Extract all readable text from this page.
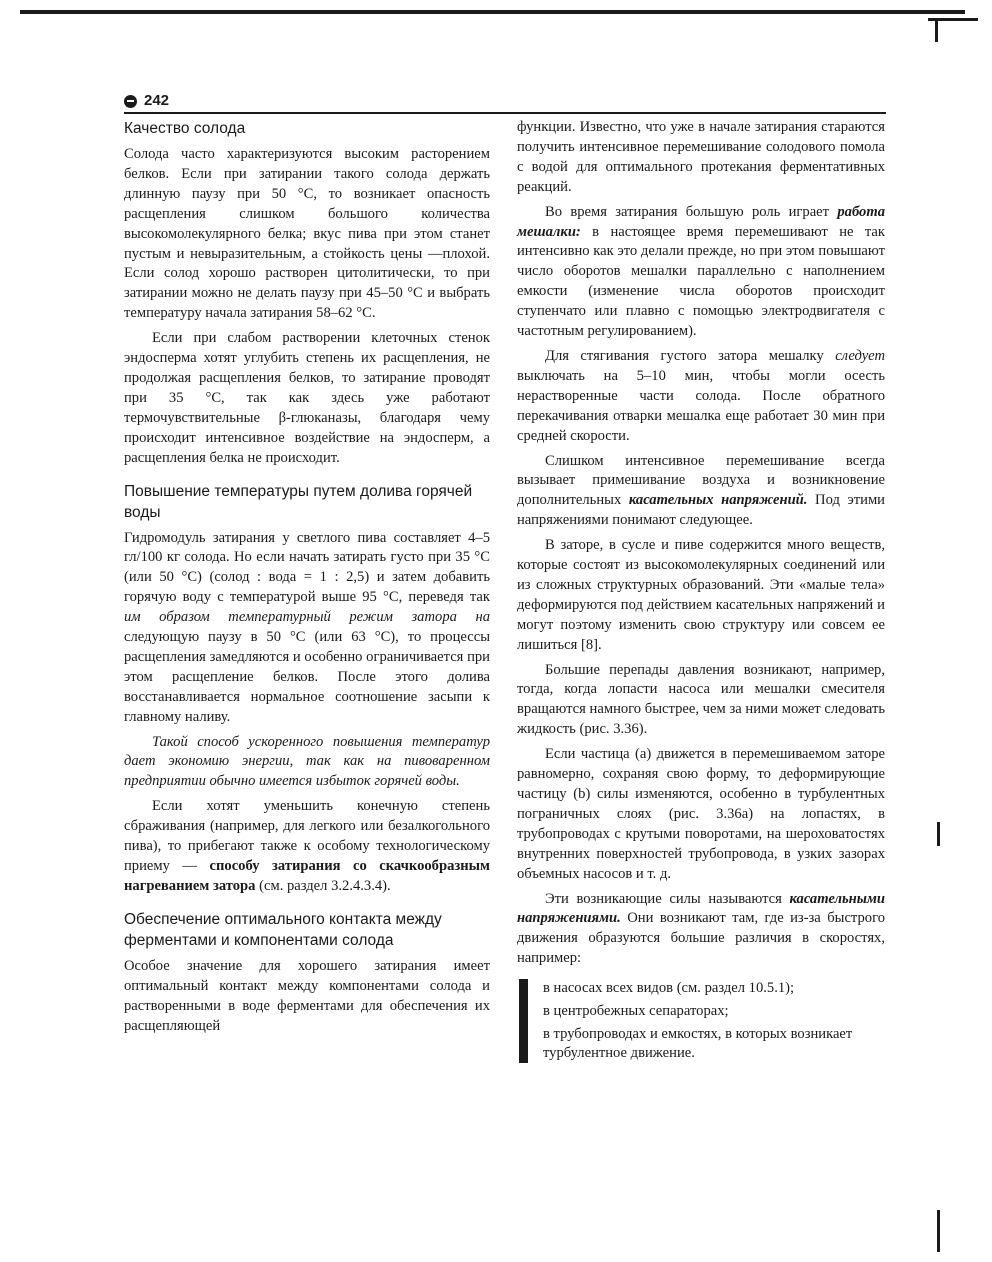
242
Качество солода

Солода часто характеризуются высоким расторением белков. Если при затирании такого солода держать длинную паузу при 50 °С, то возникает опасность расщепления слишком большого количества высокомолекулярного белка; вкус пива при этом станет пустым и невыразительным, а стойкость цены —плохой. Если солод хорошо растворен цитолитически, то при затирании можно не делать паузу при 45–50 °С и выбрать температуру начала затирания 58–62 °С.

Если при слабом растворении клеточных стенок эндосперма хотят углубить степень их расщепления, не продолжая расщепления белков, то затирание проводят при 35 °С, так как здесь уже работают термочувствительные β-глюканазы, благодаря чему происходит интенсивное воздействие на эндосперм, а расщепления белка не происходит.

Повышение температуры путем долива горячей воды

Гидромодуль затирания у светлого пива составляет 4–5 гл/100 кг солода. Но если начать затирать густо при 35 °С (или 50 °С) (солод : вода = 1 : 2,5) и затем добавить горячую воду с температурой выше 95 °С, переведя так им образом температурный режим затора на следующую паузу в 50 °С (или 63 °С), то процессы расщепления замедляются и особенно ограничивается при этом расщепление белков. После этого долива восстанавливается нормальное соотношение засыпи к главному наливу.

Такой способ ускоренного повышения температур дает экономию энергии, так как на пивоваренном предприятии обычно имеется избыток горячей воды.

Если хотят уменьшить конечную степень сбраживания (например, для легкого или безалкогольного пива), то прибегают также к особому технологическому приему — способу затирания со скачкообразным нагреванием затора (см. раздел 3.2.4.3.4).

Обеспечение оптимального контакта между ферментами и компонентами солода

Особое значение для хорошего затирания имеет оптимальный контакт между компонентами солода и растворенными в воде ферментами для обеспечения их расщепляющей

функции. Известно, что уже в начале затирания стараются получить интенсивное перемешивание солодового помола с водой для оптимального протекания ферментативных реакций.

Во время затирания большую роль играет работа мешалки: в настоящее время перемешивают не так интенсивно как это делали прежде, но при этом повышают число оборотов мешалки параллельно с наполнением емкости (изменение числа оборотов происходит ступенчато или плавно с помощью электродвигателя с частотным регулированием).

Для стягивания густого затора мешалку следует выключать на 5–10 мин, чтобы могли осесть нерастворенные части солода. После обратного перекачивания отварки мешалка еще работает 30 мин при средней скорости.

Слишком интенсивное перемешивание всегда вызывает примешивание воздуха и возникновение дополнительных касательных напряжений. Под этими напряжениями понимают следующее.

В заторе, в сусле и пиве содержится много веществ, которые состоят из высокомолекулярных соединений или из сложных структурных образований. Эти «малые тела» деформируются под действием касательных напряжений и могут поэтому изменить свою структуру или совсем ее лишиться [8].

Большие перепады давления возникают, например, тогда, когда лопасти насоса или мешалки смесителя вращаются намного быстрее, чем за ними может следовать жидкость (рис. 3.36).

Если частица (а) движется в перемешиваемом заторе равномерно, сохраняя свою форму, то деформирующие частицу (b) силы изменяются, особенно в турбулентных пограничных слоях (рис. 3.36а) на лопастях, в трубопроводах с крутыми поворотами, на шероховатостях внутренних поверхностей трубопровода, в узких зазорах объемных насосов и т. д.

Эти возникающие силы называются касательными напряжениями. Они возникают там, где из-за быстрого движения образуются большие различия в скоростях, например:

в насосах всех видов (см. раздел 10.5.1);
в центробежных сепараторах;
в трубопроводах и емкостях, в которых возникает турбулентное движение.
